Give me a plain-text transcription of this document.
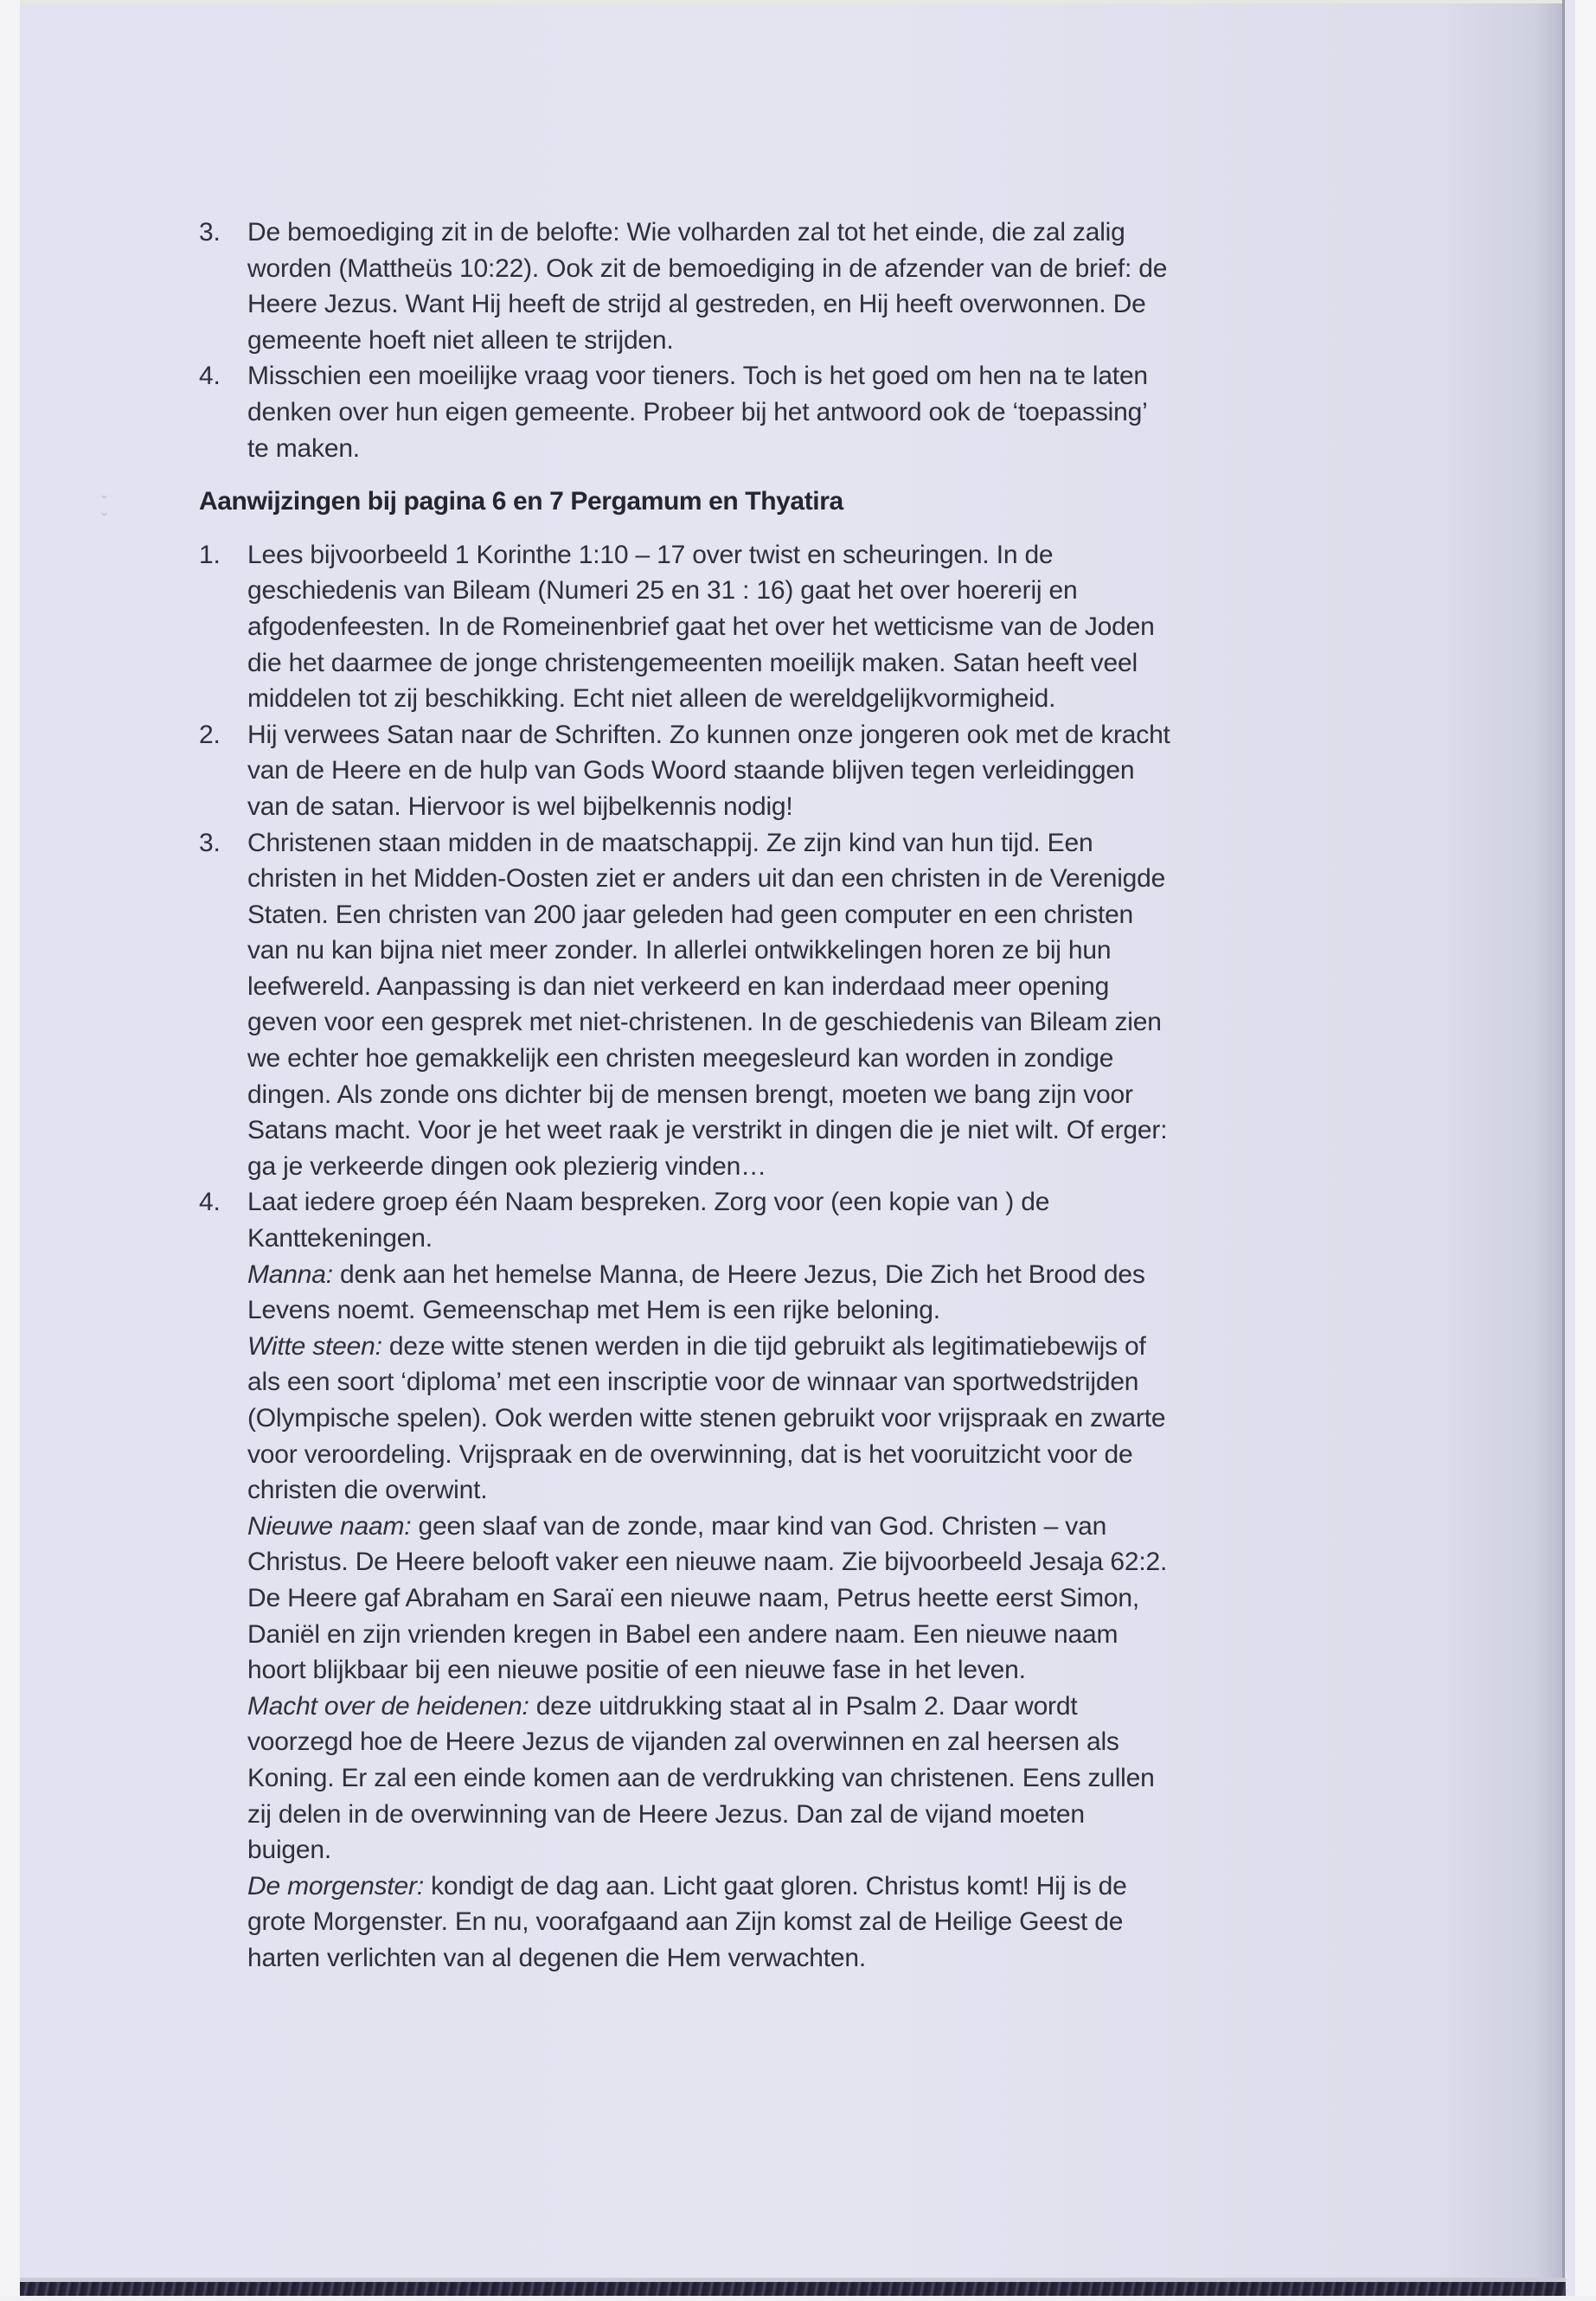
ˇ
ˇ
3. De bemoediging zit in de belofte: Wie volharden zal tot het einde, die zal zalig
worden (Mattheüs 10:22). Ook zit de bemoediging in de afzender van de brief: de
Heere Jezus. Want Hij heeft de strijd al gestreden, en Hij heeft overwonnen. De
gemeente hoeft niet alleen te strijden.
4. Misschien een moeilijke vraag voor tieners. Toch is het goed om hen na te laten
denken over hun eigen gemeente. Probeer bij het antwoord ook de ‘toepassing’
te maken.
Aanwijzingen bij pagina 6 en 7 Pergamum en Thyatira
1. Lees bijvoorbeeld 1 Korinthe 1:10 – 17 over twist en scheuringen. In de
geschiedenis van Bileam (Numeri 25 en 31 : 16) gaat het over hoererij en
afgodenfeesten. In de Romeinenbrief gaat het over het wetticisme van de Joden
die het daarmee de jonge christengemeenten moeilijk maken. Satan heeft veel
middelen tot zij beschikking. Echt niet alleen de wereldgelijkvormigheid.
2. Hij verwees Satan naar de Schriften. Zo kunnen onze jongeren ook met de kracht
van de Heere en de hulp van Gods Woord staande blijven tegen verleidinggen
van de satan. Hiervoor is wel bijbelkennis nodig!
3. Christenen staan midden in de maatschappij. Ze zijn kind van hun tijd. Een
christen in het Midden-Oosten ziet er anders uit dan een christen in de Verenigde
Staten. Een christen van 200 jaar geleden had geen computer en een christen
van nu kan bijna niet meer zonder. In allerlei ontwikkelingen horen ze bij hun
leefwereld. Aanpassing is dan niet verkeerd en kan inderdaad meer opening
geven voor een gesprek met niet-christenen. In de geschiedenis van Bileam zien
we echter hoe gemakkelijk een christen meegesleurd kan worden in zondige
dingen. Als zonde ons dichter bij de mensen brengt, moeten we bang zijn voor
Satans macht. Voor je het weet raak je verstrikt in dingen die je niet wilt. Of erger:
ga je verkeerde dingen ook plezierig vinden…
4. Laat iedere groep één Naam bespreken. Zorg voor (een kopie van ) de
Kanttekeningen.
Manna: denk aan het hemelse Manna, de Heere Jezus, Die Zich het Brood des
Levens noemt. Gemeenschap met Hem is een rijke beloning.
Witte steen: deze witte stenen werden in die tijd gebruikt als legitimatiebewijs of
als een soort ‘diploma’ met een inscriptie voor de winnaar van sportwedstrijden
(Olympische spelen). Ook werden witte stenen gebruikt voor vrijspraak en zwarte
voor veroordeling. Vrijspraak en de overwinning, dat is het vooruitzicht voor de
christen die overwint.
Nieuwe naam: geen slaaf van de zonde, maar kind van God. Christen – van
Christus. De Heere belooft vaker een nieuwe naam. Zie bijvoorbeeld Jesaja 62:2.
De Heere gaf Abraham en Saraï een nieuwe naam, Petrus heette eerst Simon,
Daniël en zijn vrienden kregen in Babel een andere naam. Een nieuwe naam
hoort blijkbaar bij een nieuwe positie of een nieuwe fase in het leven.
Macht over de heidenen: deze uitdrukking staat al in Psalm 2. Daar wordt
voorzegd hoe de Heere Jezus de vijanden zal overwinnen en zal heersen als
Koning. Er zal een einde komen aan de verdrukking van christenen. Eens zullen
zij delen in de overwinning van de Heere Jezus. Dan zal de vijand moeten
buigen.
De morgenster: kondigt de dag aan. Licht gaat gloren. Christus komt! Hij is de
grote Morgenster. En nu, voorafgaand aan Zijn komst zal de Heilige Geest de
harten verlichten van al degenen die Hem verwachten.
